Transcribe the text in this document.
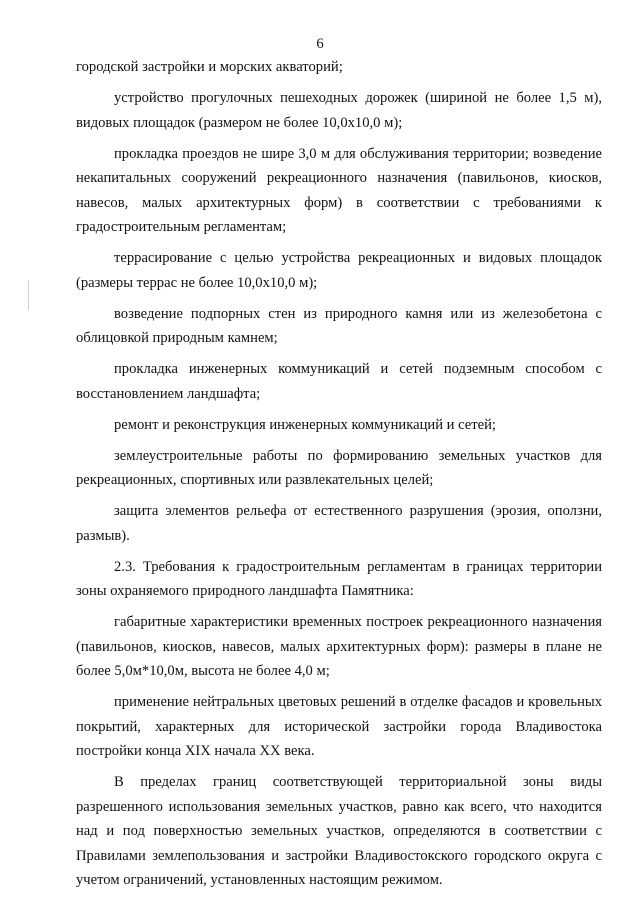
6

городской застройки и морских акваторий;

устройство прогулочных пешеходных дорожек (шириной не более 1,5 м), видовых площадок (размером не более 10,0х10,0 м);

прокладка проездов не шире 3,0 м для обслуживания территории; возведение некапитальных сооружений рекреационного назначения (павильонов, киосков, навесов, малых архитектурных форм) в соответствии с требованиями к градостроительным регламентам;

террасирование с целью устройства рекреационных и видовых площадок (размеры террас не более 10,0х10,0 м);

возведение подпорных стен из природного камня или из железобетона с облицовкой природным камнем;

прокладка инженерных коммуникаций и сетей подземным способом с восстановлением ландшафта;

ремонт и реконструкция инженерных коммуникаций и сетей;

землеустроительные работы по формированию земельных участков для рекреационных, спортивных или развлекательных целей;

защита элементов рельефа от естественного разрушения (эрозия, оползни, размыв).

2.3. Требования к градостроительным регламентам в границах территории зоны охраняемого природного ландшафта Памятника:

габаритные характеристики временных построек рекреационного назначения (павильонов, киосков, навесов, малых архитектурных форм): размеры в плане не более 5,0м*10,0м, высота не более 4,0 м;

применение нейтральных цветовых решений в отделке фасадов и кровельных покрытий, характерных для исторической застройки города Владивостока постройки конца XIX начала XX века.

В пределах границ соответствующей территориальной зоны виды разрешенного использования земельных участков, равно как всего, что находится над и под поверхностью земельных участков, определяются в соответствии с Правилами землепользования и застройки Владивостокского городского округа с учетом ограничений, установленных настоящим режимом.
